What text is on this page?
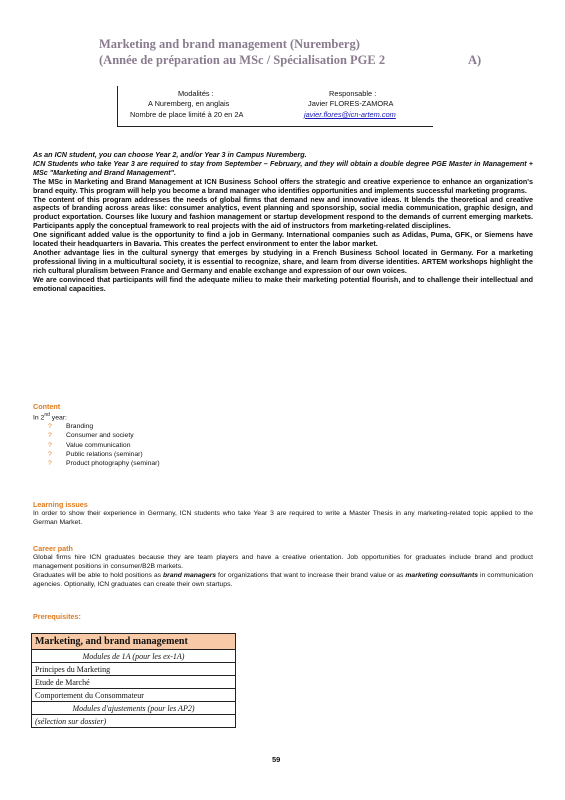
Marketing and brand management (Nuremberg)
(Année de préparation au MSc / Spécialisation PGE 2	A)
Modalités :	Responsable :
A Nuremberg, en anglais	Javier FLORES-ZAMORA
Nombre de place limité à 20 en 2A	javier.flores@icn-artem.com

As an ICN student, you can choose Year 2, and/or Year 3 in Campus Nuremberg.

ICN Students who take Year 3 are required to stay from September – February, and they will obtain a double degree PGE Master in Management + MSc "Marketing and Brand Management".

The MSc in Marketing and Brand Management at ICN Business School offers the strategic and creative experience to enhance an organization's brand equity. This program will help you become a brand manager who identifies opportunities and implements successful marketing programs.

The content of this program addresses the needs of global firms that demand new and innovative ideas. It blends the theoretical and creative aspects of branding across areas like: consumer analytics, event planning and sponsorship, social media communication, graphic design, and product exportation. Courses like luxury and fashion management or startup development respond to the demands of current emerging markets. Participants apply the conceptual framework to real projects with the aid of instructors from marketing-related disciplines.

One significant added value is the opportunity to find a job in Germany. International companies such as Adidas, Puma, GFK, or Siemens have located their headquarters in Bavaria. This creates the perfect environment to enter the labor market.

Another advantage lies in the cultural synergy that emerges by studying in a French Business School located in Germany. For a marketing professional living in a multicultural society, it is essential to recognize, share, and learn from diverse identities. ARTEM workshops highlight the rich cultural pluralism between France and Germany and enable exchange and expression of our own voices.

We are convinced that participants will find the adequate milieu to make their marketing potential flourish, and to challenge their intellectual and emotional capacities.

Content
In 2nd year:
? Branding
? Consumer and society
? Value communication
? Public relations (seminar)
? Product photography (seminar)
Learning issues

In order to show their experience in Germany, ICN students who take Year 3 are required to write a Master Thesis in any marketing-related topic applied to the German Market.

Career path

Global firms hire ICN graduates because they are team players and have a creative orientation. Job opportunities for graduates include brand and product management positions in consumer/B2B markets.

Graduates will be able to hold positions as brand managers for organizations that want to increase their brand value or as marketing consultants in communication agencies. Optionally, ICN graduates can create their own startups.

Prerequisites:
Marketing, and brand management
Modules de 1A (pour les ex-1A)
Principes du Marketing
Etude de Marché
Comportement du Consommateur
Modules d'ajustements (pour les AP2)
(sélection sur dossier)
59
